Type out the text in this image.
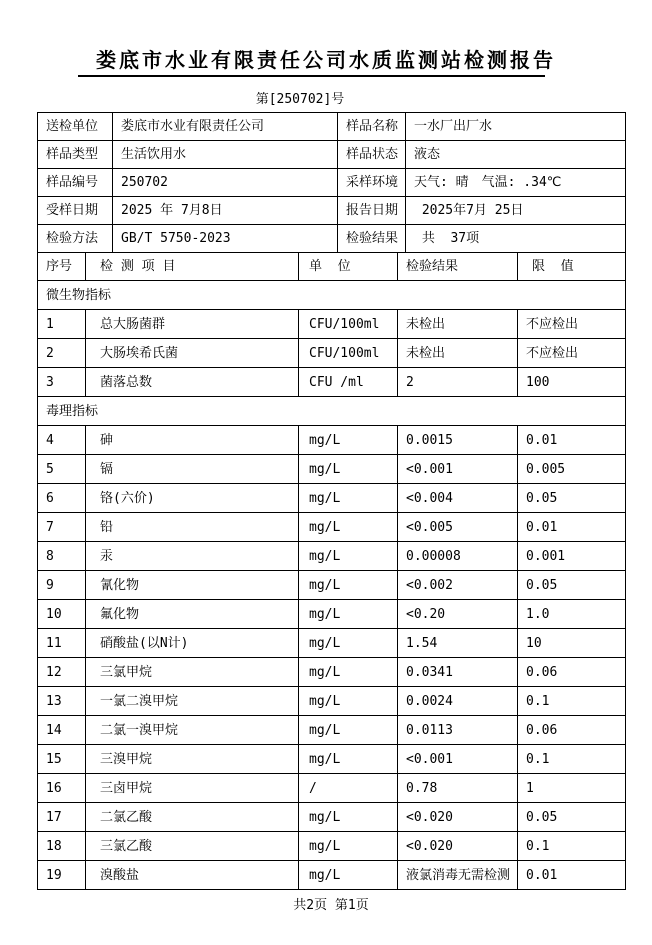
娄底市水业有限责任公司水质监测站检测报告
第[250702]号
送检单位	娄底市水业有限责任公司	样品名称	一水厂出厂水
样品类型	生活饮用水	样品状态	液态
样品编号	250702	采样环境	天气: 晴　气温: .34℃
受样日期	2025 年 7月8日	报告日期	2025年7月 25日
检验方法	GB/T 5750-2023	检验结果	共  37项
序号	检 测 项 目	单  位	检验结果	限  值
微生物指标				
1	总大肠菌群	CFU/100ml	未检出	不应检出
2	大肠埃希氏菌	CFU/100ml	未检出	不应检出
3	菌落总数	CFU /ml	2	100
毒理指标				
4	砷	mg/L	0.0015	0.01
5	镉	mg/L	<0.001	0.005
6	铬(六价)	mg/L	<0.004	0.05
7	铅	mg/L	<0.005	0.01
8	汞	mg/L	0.00008	0.001
9	氰化物	mg/L	<0.002	0.05
10	氟化物	mg/L	<0.20	1.0
11	硝酸盐(以N计)	mg/L	1.54	10
12	三氯甲烷	mg/L	0.0341	0.06
13	一氯二溴甲烷	mg/L	0.0024	0.1
14	二氯一溴甲烷	mg/L	0.0113	0.06
15	三溴甲烷	mg/L	<0.001	0.1
16	三卤甲烷	/	0.78	1
17	二氯乙酸	mg/L	<0.020	0.05
18	三氯乙酸	mg/L	<0.020	0.1
19	溴酸盐	mg/L	液氯消毒无需检测	0.01
共2页 第1页
